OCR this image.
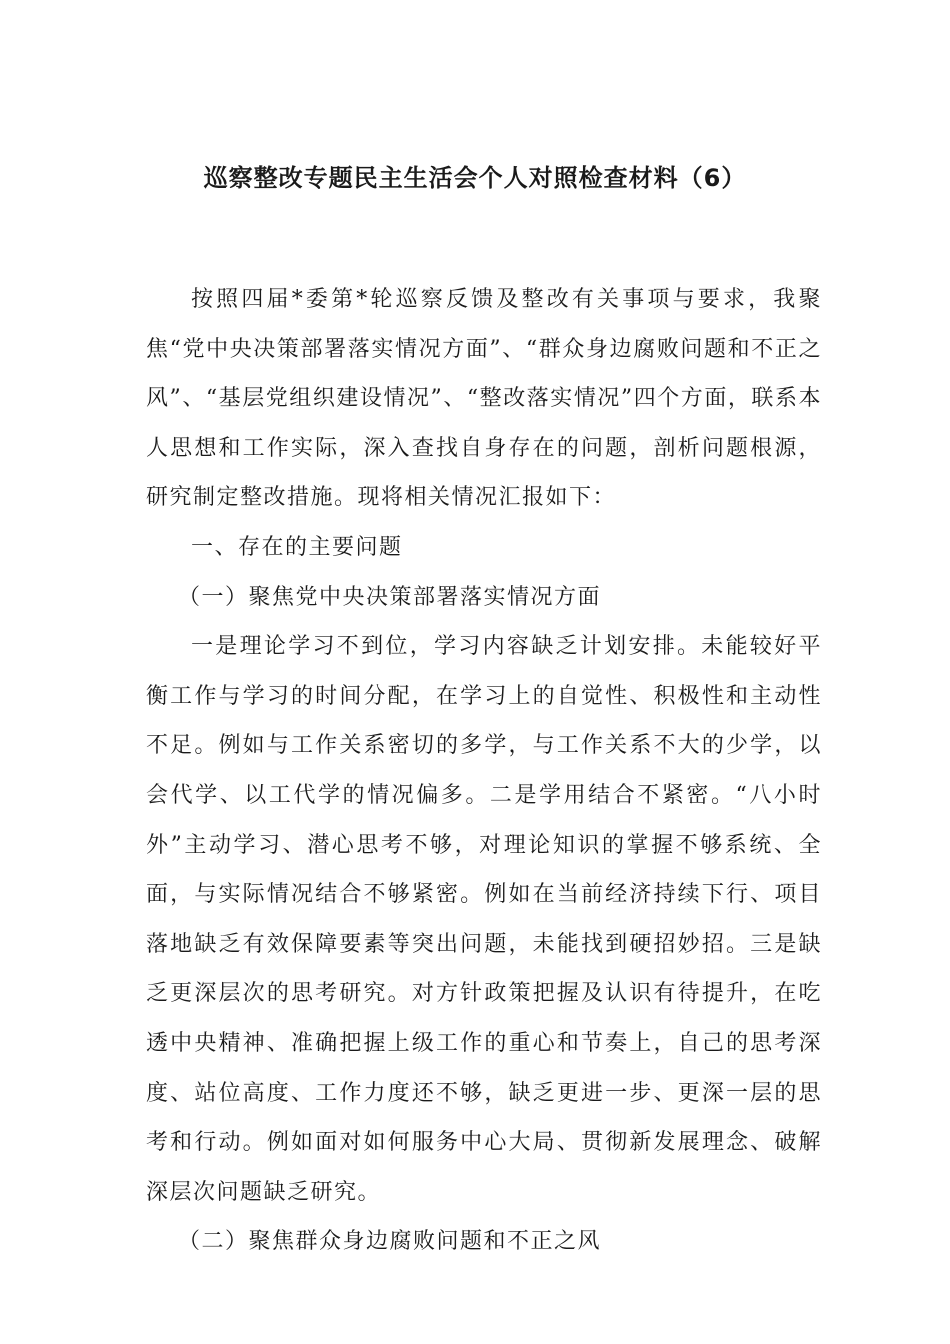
巡察整改专题民主生活会个人对照检查材料（6）

按照四届*委第*轮巡察反馈及整改有关事项与要求，我聚焦“党中央决策部署落实情况方面”、“群众身边腐败问题和不正之风”、“基层党组织建设情况”、“整改落实情况”四个方面，联系本人思想和工作实际，深入查找自身存在的问题，剖析问题根源，研究制定整改措施。现将相关情况汇报如下：

一、存在的主要问题

（一）聚焦党中央决策部署落实情况方面

一是理论学习不到位，学习内容缺乏计划安排。未能较好平衡工作与学习的时间分配，在学习上的自觉性、积极性和主动性不足。例如与工作关系密切的多学，与工作关系不大的少学，以会代学、以工代学的情况偏多。二是学用结合不紧密。“八小时外”主动学习、潜心思考不够，对理论知识的掌握不够系统、全面，与实际情况结合不够紧密。例如在当前经济持续下行、项目落地缺乏有效保障要素等突出问题，未能找到硬招妙招。三是缺乏更深层次的思考研究。对方针政策把握及认识有待提升，在吃透中央精神、准确把握上级工作的重心和节奏上，自己的思考深度、站位高度、工作力度还不够，缺乏更进一步、更深一层的思考和行动。例如面对如何服务中心大局、贯彻新发展理念、破解深层次问题缺乏研究。

（二）聚焦群众身边腐败问题和不正之风
